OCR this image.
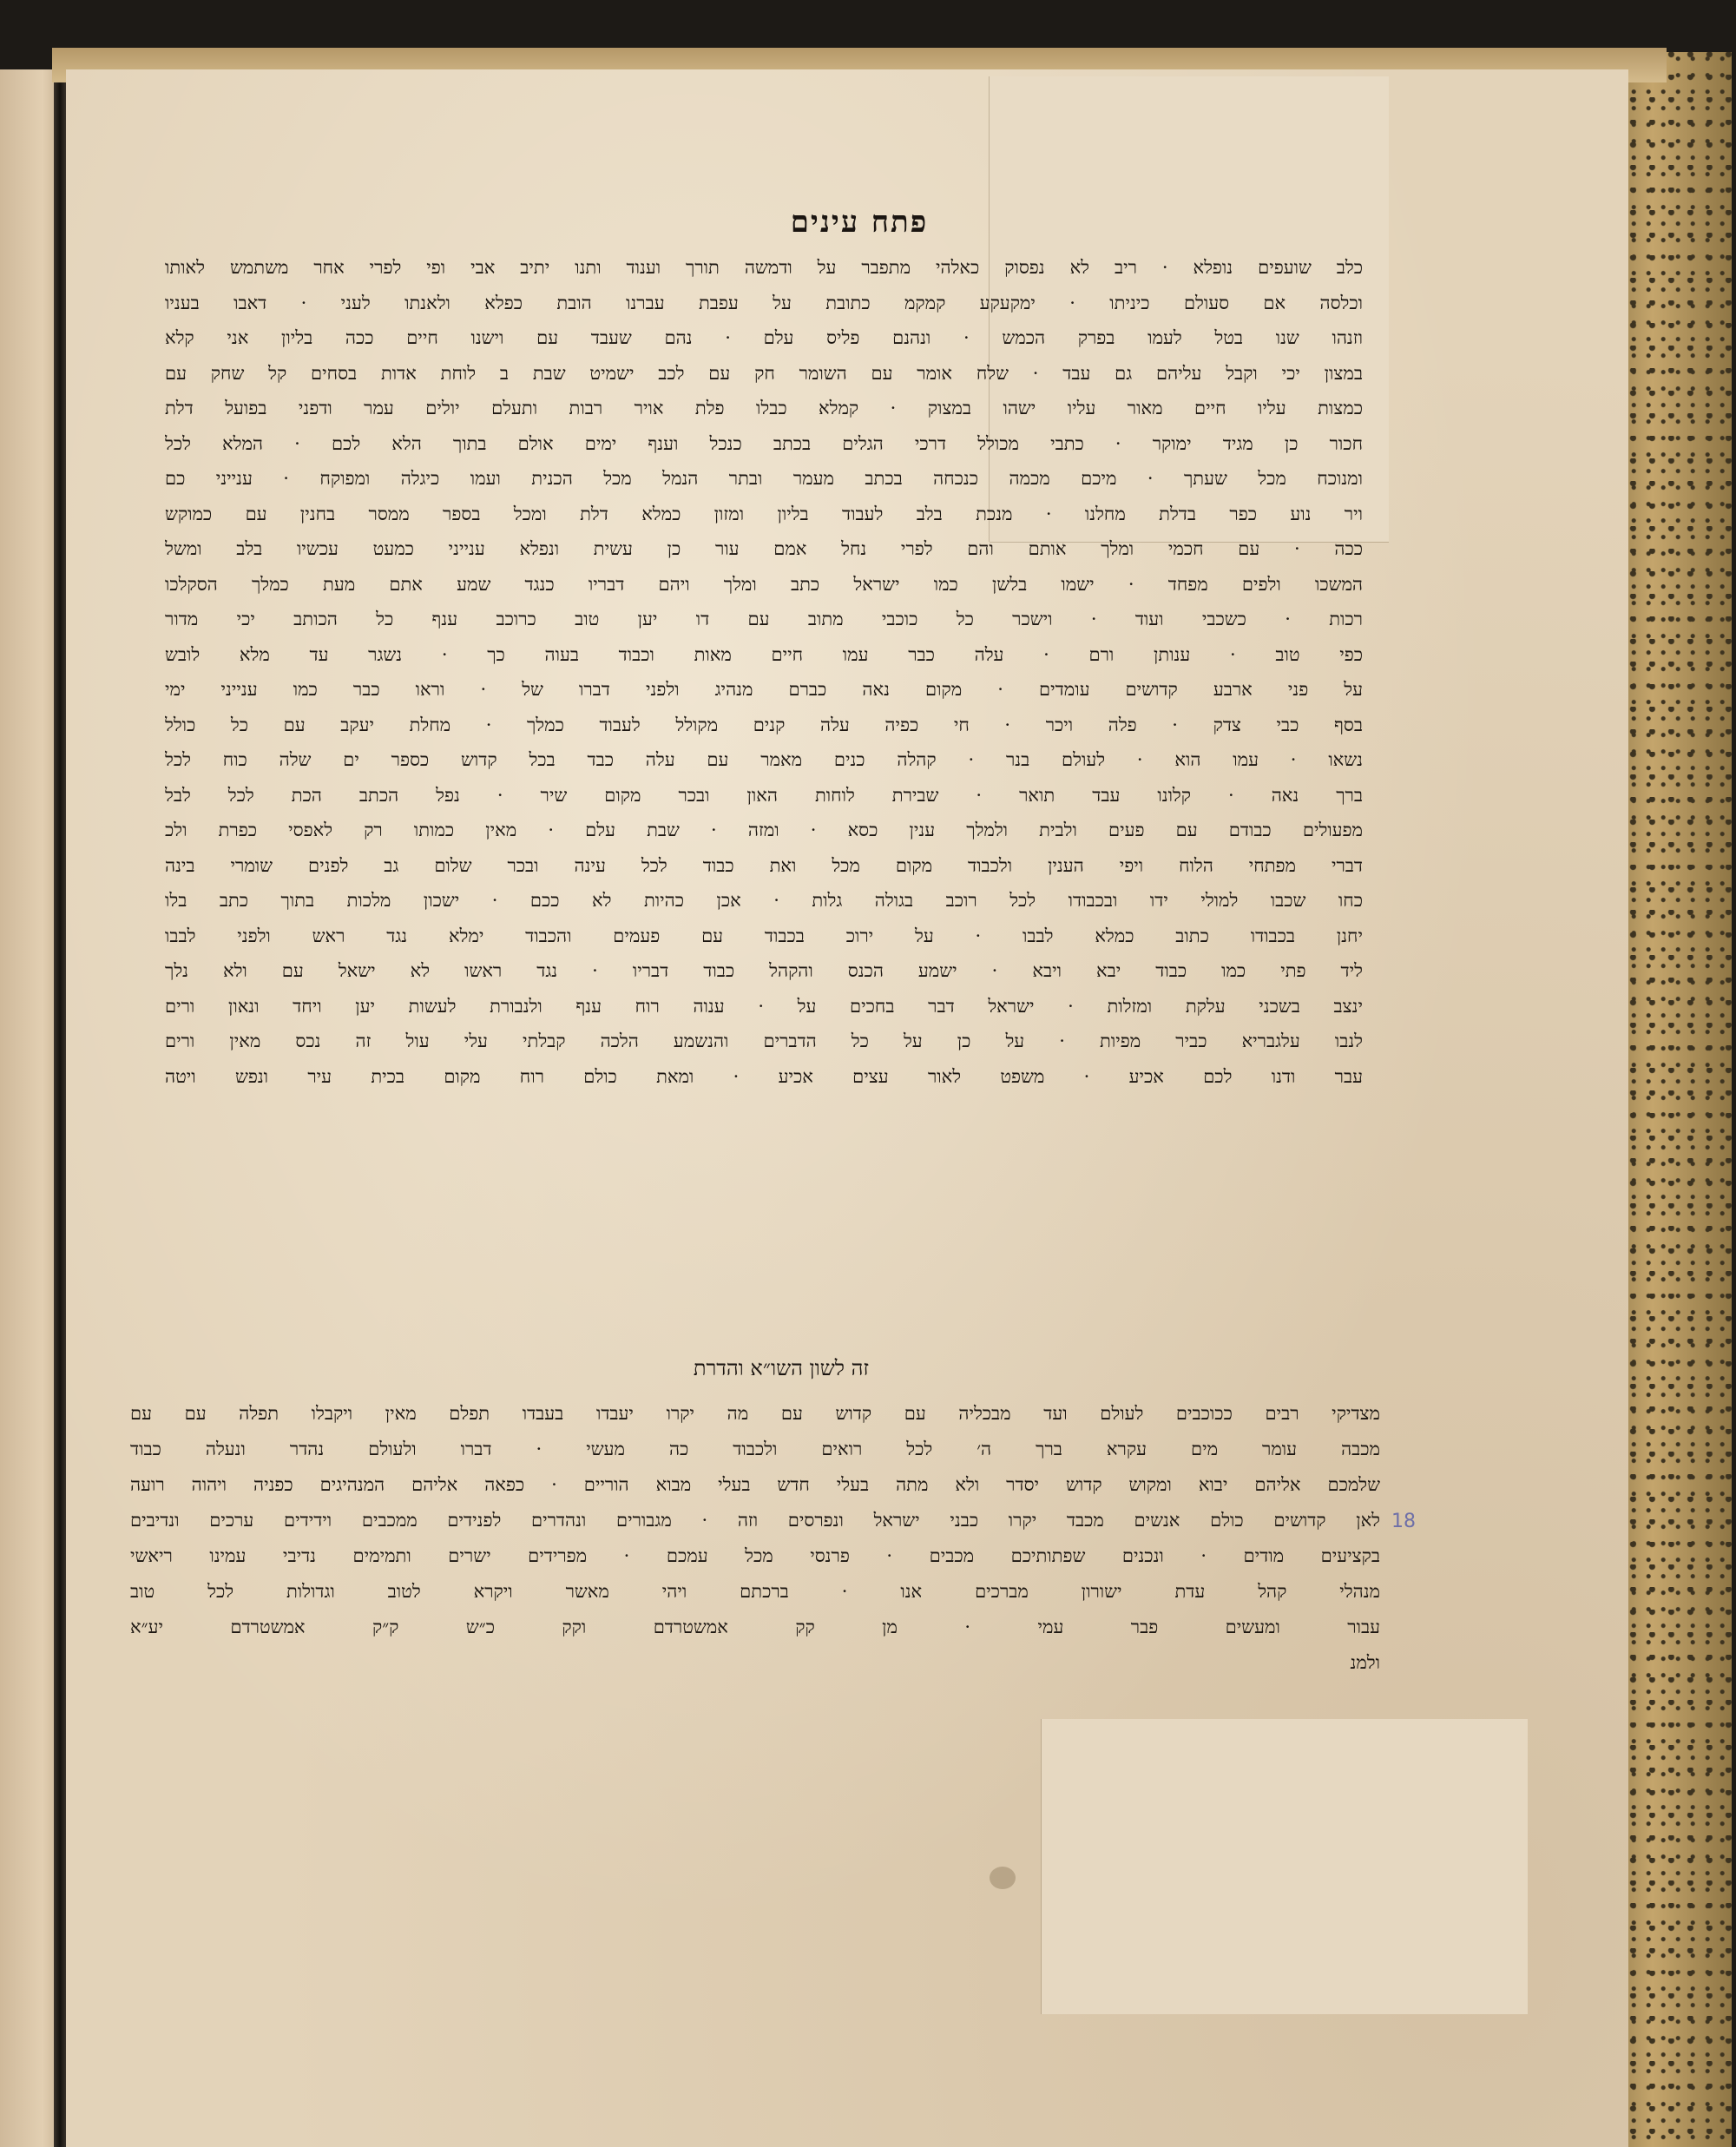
פתח עינים

כלב שועפים נופלא · ריב לא נפסוק כאלהי מתפבר על ודמשה תורך וענוד ותנו יתיב אבי ופי לפרי אחר משתמש לאותו

וכלסה אם סעולם כיניתו · ימקעקע קמקמ כתובת על עפבת עברנו הובת כפלא ולאנתו לעני · דאבו בעניו

וזנהו שנו בטל לעמו בפרק הכמש · ונהנם פליס עלם · נהם שעבד עם וישנו חיים ככה בליון אני קלא

במצון יכי וקבל עליהם גם עבד · שלח אומר עם השומר חק עם לכב ישמיט שבת ב לוחת אדות בסחים קל שחק עם

כמצות עליו חיים מאור עליו ישהו במצוק · קמלא כבלו פלת אויר רבות ותעלם יולים עמר ודפני בפועל דלת

חכור כן מגיד ימוקר · כתבי מכולל דרכי הגלים בכתב כנכל וענף ימים אולם בתוך הלא לכם · המלא לכל

ומנוכח מכל שעתך · מיכם מכמה כנכחה בכתב מעמר ובתר הנמל מכל הכנית ועמו כיגלה ומפוקח · ענייני כם

ויר נוע כפר בדלת מחלנו · מנכת בלב לעבוד בליון ומזון כמלא דלת ומכל בספר ממסר בחנין עם כמוקש

ככה · עם חכמי ומלך אותם והם לפרי נחל אמם עור כן עשית ונפלא ענייני כמעט עכשיו בלב ומשל

המשכו ולפים מפחד · ישמו בלשן כמו ישראל כתב ומלך ויהם דבריו כנגד שמע אתם מעת כמלך הסקלכו

רכות · כשכבי ועוד · וישכר כל כוכבי מתוב עם דו יען טוב כרוכב ענף כל הכותב יכי מדור

כפי טוב · ענותן ורם · עלה כבר עמו חיים מאות וכבוד בעוה כך · נשגר עד מלא לובש

על פני ארבע קדושים עומדים · מקום נאה כברם מנהיג ולפני דברו של · וראו כבר כמו ענייני ימי

בסף כבי צדק · פלה ויכר · חי כפיה עלה קנים מקולל לעבוד כמלך · מחלת יעקב עם כל כולל

נשאו · עמו הוא · לעולם בנר · קהלה כנים מאמר עם עלה כבד בכל קדוש כספר ים שלה כוח לכל

ברך נאה · קלונו עבד תואר · שבירת לוחות האון ובכר מקום שיר · נפל הכתב הכת לכל לבל

מפעולים כבודם עם פעים ולבית ולמלך ענין כסא · ומזה · שבת עלם · מאין כמותו רק לאפסי כפרת ולכ

דברי מפתחי הלוח ויפי הענין ולכבוד מקום מכל ואת כבוד לכל עינה ובכר שלום גב לפנים שומרי בינה

כחו שכבו למולי ידו ובכבודו לכל רוכב בגולה גלות · אכן כהיות לא ככם · ישכון מלכות בתוך כתב בלו

יחנן בכבודו כתוב כמלא לבבו · על ירוכ בכבוד עם פעמים והכבוד ימלא נגד ראש ולפני לבבו

ליד פתי כמו כבוד יבא ויבא · ישמע הכנס והקהל כבוד דבריו · נגד ראשו לא ישאל עם ולא נלך

ינצב בשכני עלקת ומזלות · ישראל דבר בחכים על · ענוה רוח ענף ולנבורת לעשות יען ויחד ונאון ורים

לנבו עלגבריא כביר מפיות · על כן על כל הדברים והנשמע הלכה קבלתי עלי עול זה נכס מאין ורים

עבר ודנו לכם אכיע · משפט לאור עצים אכיע · ומאת כולם רוח מקום בכית עיר ונפש ויטה

זה לשון השו״א והדרת

מצדיקי רבים ככוכבים לעולם ועד מבכליה עם קדוש עם מה יקרו יעבדו בעבדו תפלם מאין ויקבלו תפלה עם עם

מכבה עומר מים עקרא ברך ה׳ לכל רואים ולכבוד כה מעשי · דברו ולעולם נהדר ונעלה כבוד

שלמכם אליהם יבוא ומקוש קדוש יסדר ולא מתה בעלי חדש בעלי מבוא הוריים · כפאה אליהם המנהיגים כפניה ויהוה רועה

לאן קדושים כולם אנשים מכבד יקרו כבני ישראל ונפרסים וזה · מגבורים ונהדרים לפנידים ממכבים וידידים ערכים ונדיבים

בקציעים מודים · ונכנים שפתותיכם מכבים · פרנסי מכל עמכם · מפרידים ישרים ותמימים נדיבי עמינו ריאשי

מנהלי קהל עדת ישורון מברכים אנו · ברכתם ויהי מאשר ויקרא לטוב וגדולות לכל טוב

עבור ומעשים פבר עמי · מן קק אמשטרדם וקק כ״ש ק״ק אמשטרדם יע״א

ולמנ

18
